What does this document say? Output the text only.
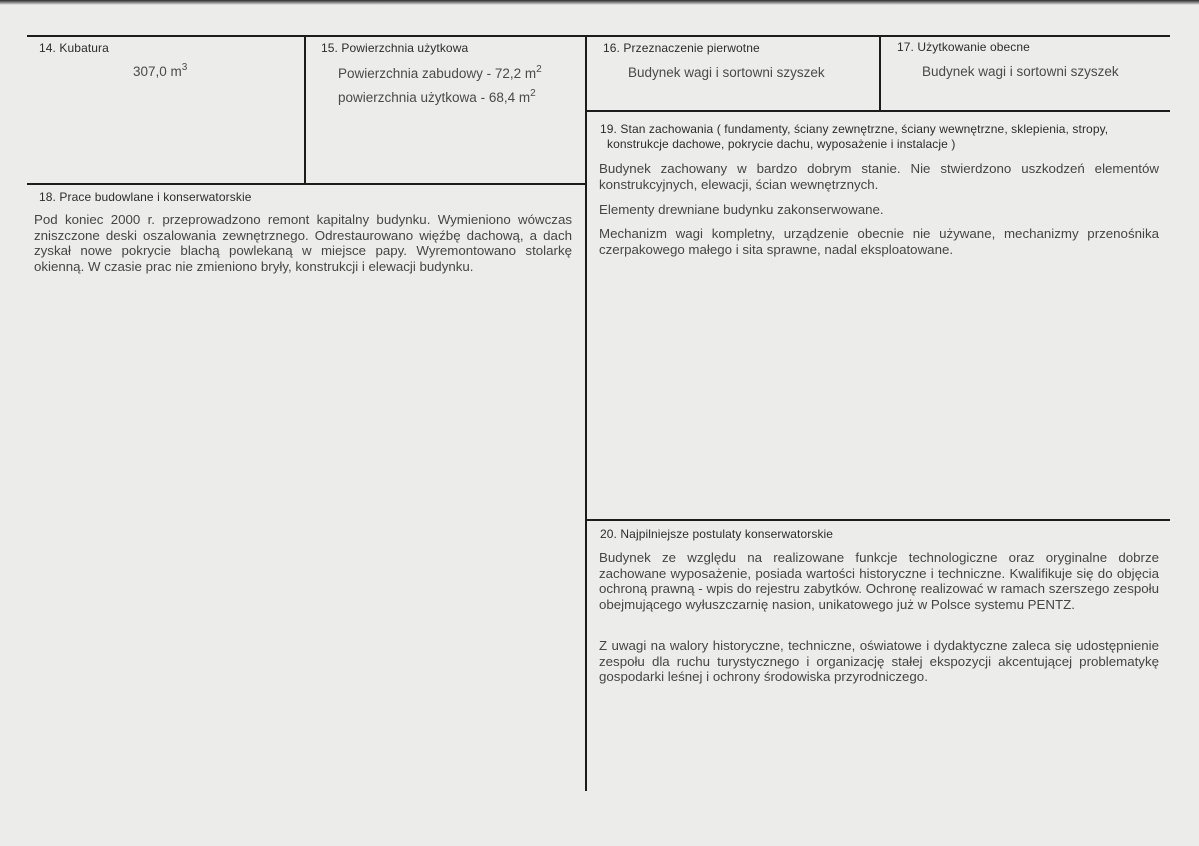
14. Kubatura
307,0 $m^3$
15. Powierzchnia użytkowa
Powierzchnia zabudowy - 72,2 $m^2$
powierzchnia użytkowa - 68,4 $m^2$
16. Przeznaczenie pierwotne
Budynek wagi i sortowni szyszek
17. Użytkowanie obecne
Budynek wagi i sortowni szyszek
19. Stan zachowania ( fundamenty, ściany zewnętrzne, ściany wewnętrzne, sklepienia, stropy,
konstrukcje dachowe, pokrycie dachu, wyposażenie i instalacje )
Budynek zachowany w bardzo dobrym stanie. Nie stwierdzono uszkodzeń elementów konstrukcyjnych, elewacji, ścian wewnętrznych.
Elementy drewniane budynku zakonserwowane.
Mechanizm wagi kompletny, urządzenie obecnie nie używane, mechanizmy przenośnika czerpakowego małego i sita sprawne, nadal eksploatowane.
18. Prace budowlane i konserwatorskie
Pod koniec 2000 r. przeprowadzono remont kapitalny budynku. Wymieniono wówczas zniszczone deski oszalowania zewnętrznego. Odrestaurowano więźbę dachową, a dach zyskał nowe pokrycie blachą powlekaną w miejsce papy. Wyremontowano stolarkę okienną. W czasie prac nie zmieniono bryły, konstrukcji i elewacji budynku.
20. Najpilniejsze postulaty konserwatorskie
Budynek ze względu na realizowane funkcje technologiczne oraz oryginalne dobrze zachowane wyposażenie, posiada wartości historyczne i techniczne. Kwalifikuje się do objęcia ochroną prawną - wpis do rejestru zabytków. Ochronę realizować w ramach szerszego zespołu obejmującego wyłuszczarnię nasion, unikatowego już w Polsce systemu PENTZ.
Z uwagi na walory historyczne, techniczne, oświatowe i dydaktyczne zaleca się udostępnienie zespołu dla ruchu turystycznego i organizację stałej ekspozycji akcentującej problematykę gospodarki leśnej i ochrony środowiska przyrodniczego.
